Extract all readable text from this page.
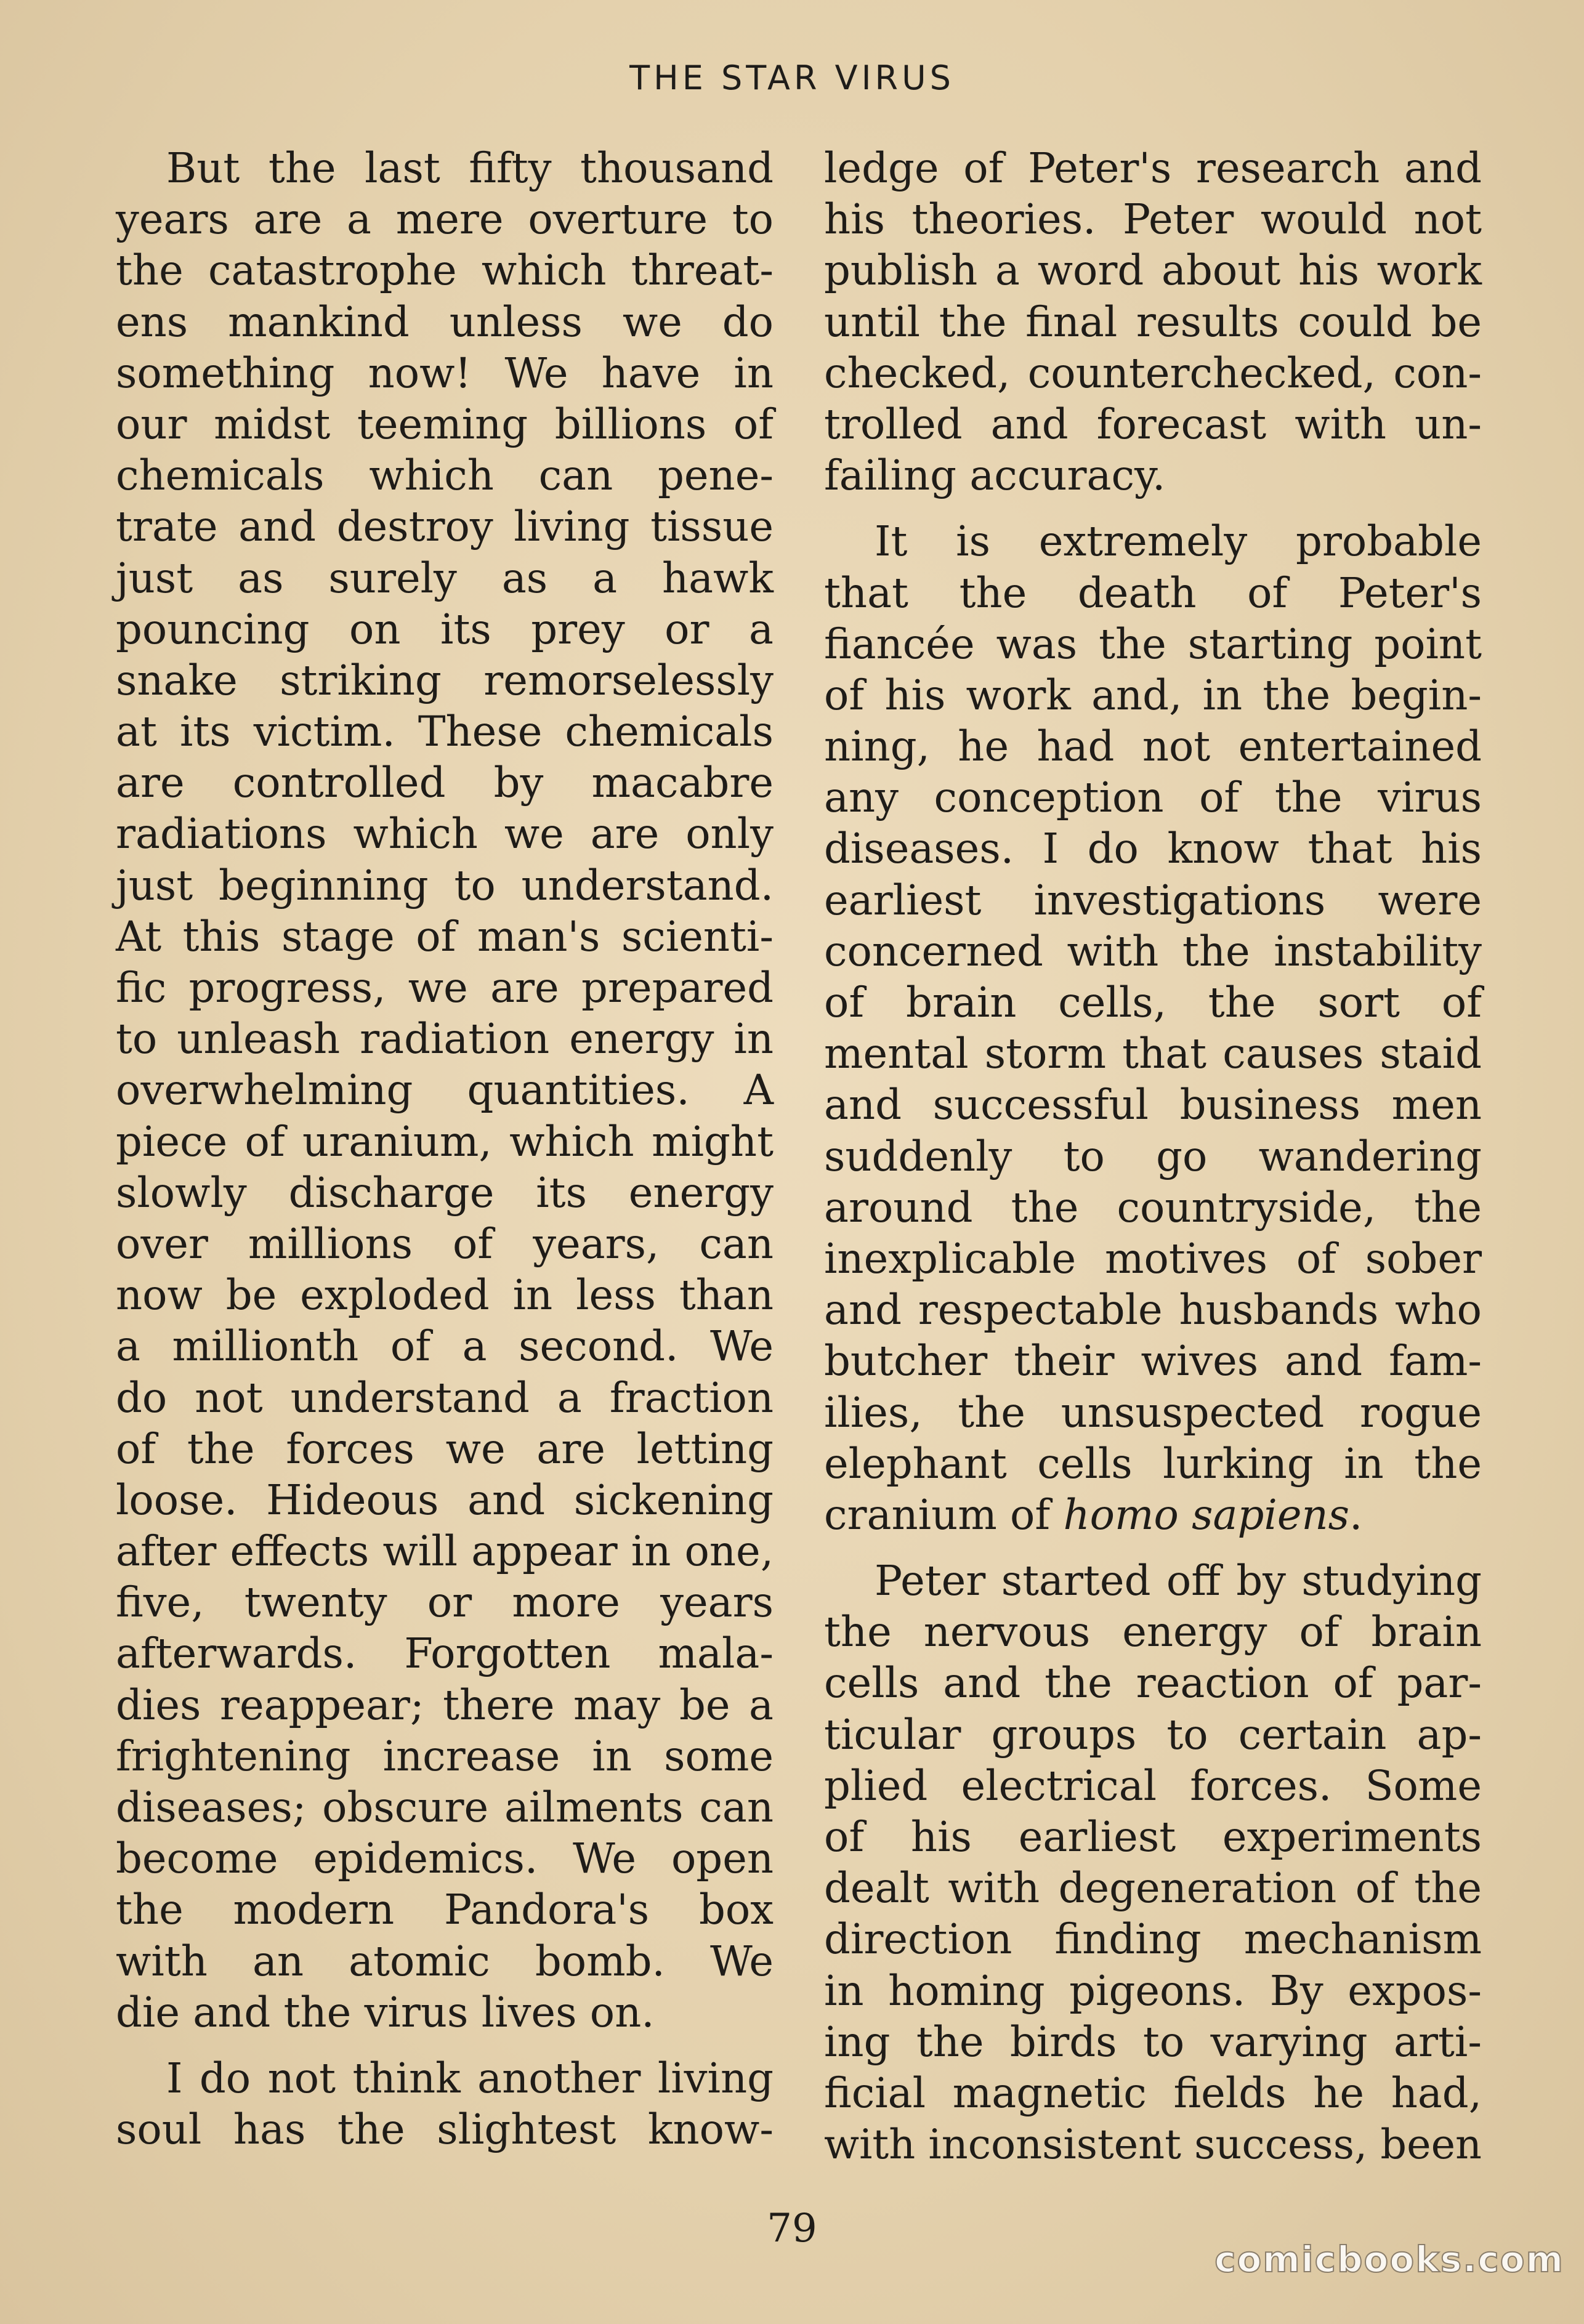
THE STAR VIRUS
But the last fifty thousand
years are a mere overture to
the catastrophe which threat-
ens mankind unless we do
something now! We have in
our midst teeming billions of
chemicals which can pene-
trate and destroy living tissue
just as surely as a hawk
pouncing on its prey or a
snake striking remorselessly
at its victim. These chemicals
are controlled by macabre
radiations which we are only
just beginning to understand.
At this stage of man's scienti-
fic progress, we are prepared
to unleash radiation energy in
overwhelming quantities. A
piece of uranium, which might
slowly discharge its energy
over millions of years, can
now be exploded in less than
a millionth of a second. We
do not understand a fraction
of the forces we are letting
loose. Hideous and sickening
after effects will appear in one,
five, twenty or more years
afterwards. Forgotten mala-
dies reappear; there may be a
frightening increase in some
diseases; obscure ailments can
become epidemics. We open
the modern Pandora's box
with an atomic bomb. We
die and the virus lives on.
I do not think another living
soul has the slightest know-
ledge of Peter's research and
his theories. Peter would not
publish a word about his work
until the final results could be
checked, counterchecked, con-
trolled and forecast with un-
failing accuracy.
It is extremely probable
that the death of Peter's
fiancée was the starting point
of his work and, in the begin-
ning, he had not entertained
any conception of the virus
diseases. I do know that his
earliest investigations were
concerned with the instability
of brain cells, the sort of
mental storm that causes staid
and successful business men
suddenly to go wandering
around the countryside, the
inexplicable motives of sober
and respectable husbands who
butcher their wives and fam-
ilies, the unsuspected rogue
elephant cells lurking in the
cranium of homo sapiens.
Peter started off by studying
the nervous energy of brain
cells and the reaction of par-
ticular groups to certain ap-
plied electrical forces. Some
of his earliest experiments
dealt with degeneration of the
direction finding mechanism
in homing pigeons. By expos-
ing the birds to varying arti-
ficial magnetic fields he had,
with inconsistent success, been
79
comicbooks.com
